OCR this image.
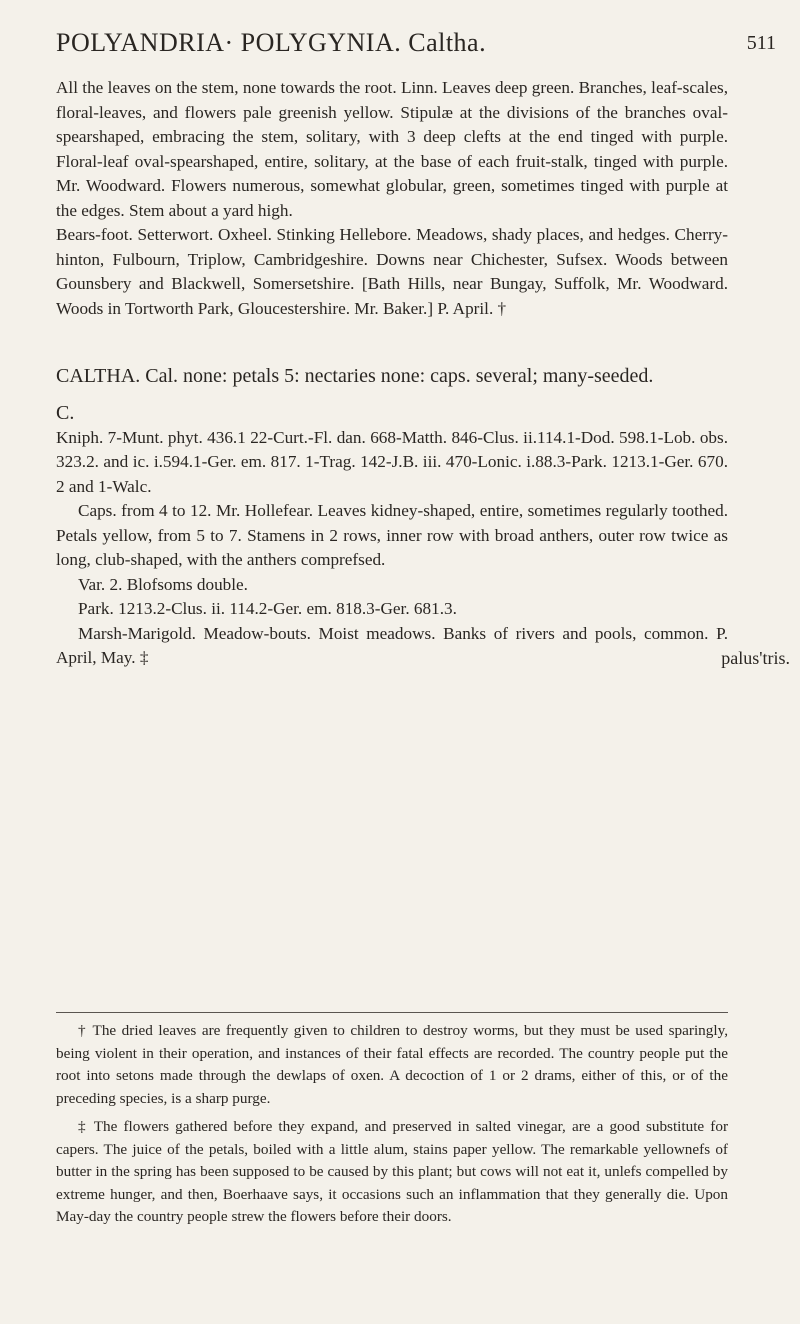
POLYANDRIA· POLYGYNIA. Caltha.	511

All the leaves on the stem, none towards the root. Linn. Leaves deep green. Branches, leaf-scales, floral-leaves, and flowers pale greenish yellow. Stipulæ at the divisions of the branches oval-spearshaped, embracing the stem, solitary, with 3 deep clefts at the end tinged with purple. Floral-leaf oval-spearshaped, entire, solitary, at the base of each fruit-stalk, tinged with purple. Mr. Woodward. Flowers numerous, somewhat globular, green, sometimes tinged with purple at the edges. Stem about a yard high.

Bears-foot. Setterwort. Oxheel. Stinking Hellebore. Meadows, shady places, and hedges. Cherry-hinton, Fulbourn, Triplow, Cambridgeshire. Downs near Chichester, Sufsex. Woods between Gounsbery and Blackwell, Somersetshire. [Bath Hills, near Bungay, Suffolk, Mr. Woodward. Woods in Tortworth Park, Gloucestershire. Mr. Baker.] P. April. †

CALTHA. Cal. none: petals 5: nectaries none: caps. several; many-seeded.

C.

Kniph. 7-Munt. phyt. 436.1 22-Curt.-Fl. dan. 668-Matth. 846-Clus. ii.114.1-Dod. 598.1-Lob. obs. 323.2. and ic. i.594.1-Ger. em. 817. 1-Trag. 142-J.B. iii. 470-Lonic. i.88.3-Park. 1213.1-Ger. 670. 2 and 1-Walc.

Caps. from 4 to 12. Mr. Hollefear. Leaves kidney-shaped, entire, sometimes regularly toothed. Petals yellow, from 5 to 7. Stamens in 2 rows, inner row with broad anthers, outer row twice as long, club-shaped, with the anthers comprefsed.

Var. 2. Blofsoms double.

Park. 1213.2-Clus. ii. 114.2-Ger. em. 818.3-Ger. 681.3.

Marsh-Marigold. Meadow-bouts. Moist meadows. Banks of rivers and pools, common. P. April, May. ‡	palus'tris.

† The dried leaves are frequently given to children to destroy worms, but they must be used sparingly, being violent in their operation, and instances of their fatal effects are recorded. The country people put the root into setons made through the dewlaps of oxen. A decoction of 1 or 2 drams, either of this, or of the preceding species, is a sharp purge.

‡ The flowers gathered before they expand, and preserved in salted vinegar, are a good substitute for capers. The juice of the petals, boiled with a little alum, stains paper yellow. The remarkable yellownefs of butter in the spring has been supposed to be caused by this plant; but cows will not eat it, unlefs compelled by extreme hunger, and then, Boerhaave says, it occasions such an inflammation that they generally die. Upon May-day the country people strew the flowers before their doors.
